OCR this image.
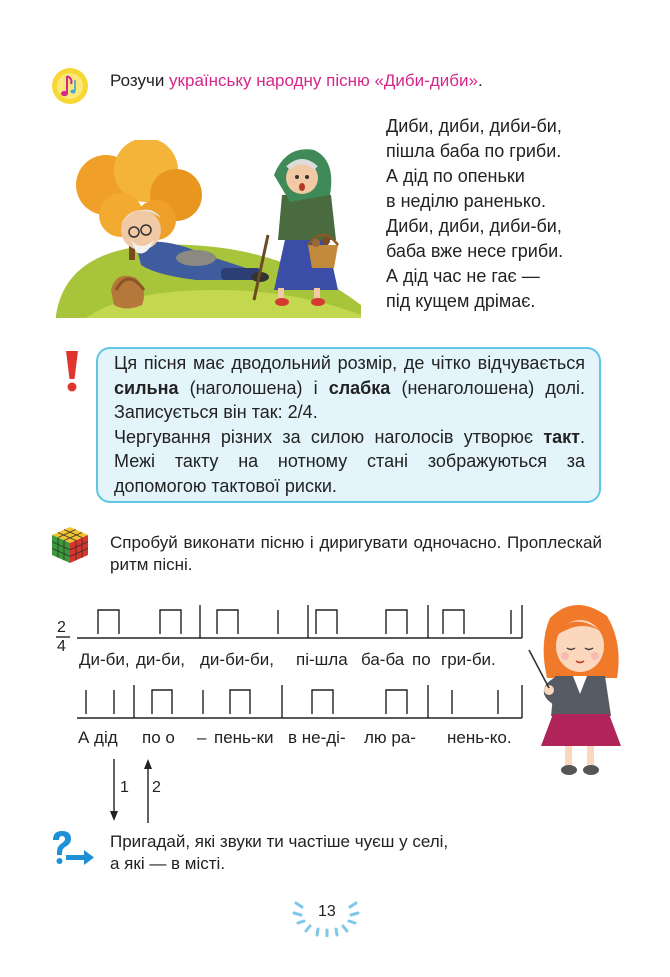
Розучи українську народну пісню «Диби-диби».
Диби, диби, диби-би,
пішла баба по гриби.
А дід по опеньки
в неділю раненько.
Диби, диби, диби-би,
баба вже несе гриби.
А дід час не гає —
під кущем дрімає.
Ця пісня має дводольний розмір, де чітко відчувається сильна (наголошена) і слабка (ненаголошена) долі. Записується він так: 2/4.
Чергування різних за силою наголосів утворює такт. Межі такту на нотному стані зображуються за допомогою тактової риски.
Спробуй виконати пісню і диригувати одночасно. Проплескай ритм пісні.
2
4
Ди-би, ди-би, ди-би-би, пі-шла ба-ба по гри-би.
А дід по о – пень-ки в не-ді- лю ра- нень-ко.
1 2
Пригадай, які звуки ти частіше чуєш у селі,
а які — в місті.
13
